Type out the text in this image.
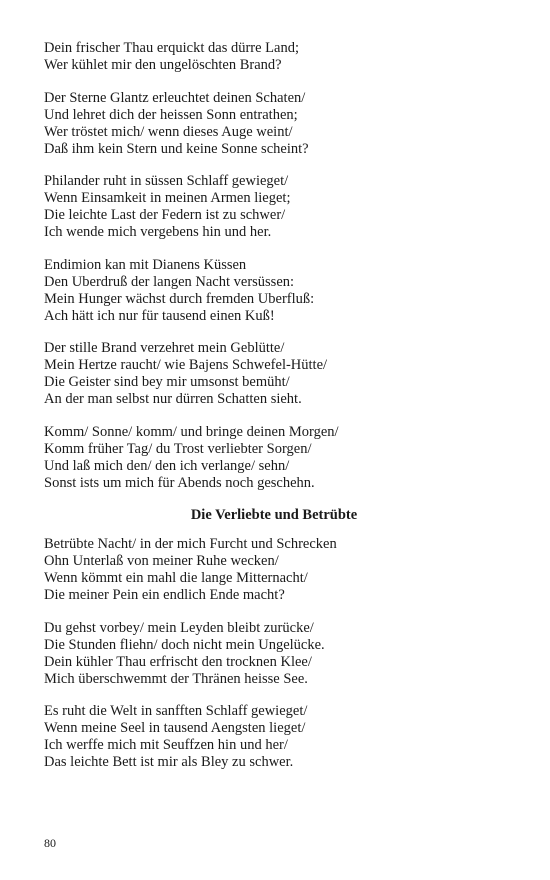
Dein frischer Thau erquickt das dürre Land;
Wer kühlet mir den ungelöschten Brand?
Der Sterne Glantz erleuchtet deinen Schaten/
Und lehret dich der heissen Sonn entrathen;
Wer tröstet mich/ wenn dieses Auge weint/
Daß ihm kein Stern und keine Sonne scheint?
Philander ruht in süssen Schlaff gewieget/
Wenn Einsamkeit in meinen Armen lieget;
Die leichte Last der Federn ist zu schwer/
Ich wende mich vergebens hin und her.
Endimion kan mit Dianens Küssen
Den Uberdruß der langen Nacht versüssen:
Mein Hunger wächst durch fremden Uberfluß:
Ach hätt ich nur für tausend einen Kuß!
Der stille Brand verzehret mein Geblütte/
Mein Hertze raucht/ wie Bajens Schwefel-Hütte/
Die Geister sind bey mir umsonst bemüht/
An der man selbst nur dürren Schatten sieht.
Komm/ Sonne/ komm/ und bringe deinen Morgen/
Komm früher Tag/ du Trost verliebter Sorgen/
Und laß mich den/ den ich verlange/ sehn/
Sonst ists um mich für Abends noch geschehn.
Die Verliebte und Betrübte
Betrübte Nacht/ in der mich Furcht und Schrecken
Ohn Unterlaß von meiner Ruhe wecken/
Wenn kömmt ein mahl die lange Mitternacht/
Die meiner Pein ein endlich Ende macht?
Du gehst vorbey/ mein Leyden bleibt zurücke/
Die Stunden fliehn/ doch nicht mein Ungelücke.
Dein kühler Thau erfrischt den trocknen Klee/
Mich überschwemmt der Thränen heisse See.
Es ruht die Welt in sanfften Schlaff gewieget/
Wenn meine Seel in tausend Aengsten lieget/
Ich werffe mich mit Seuffzen hin und her/
Das leichte Bett ist mir als Bley zu schwer.
80
